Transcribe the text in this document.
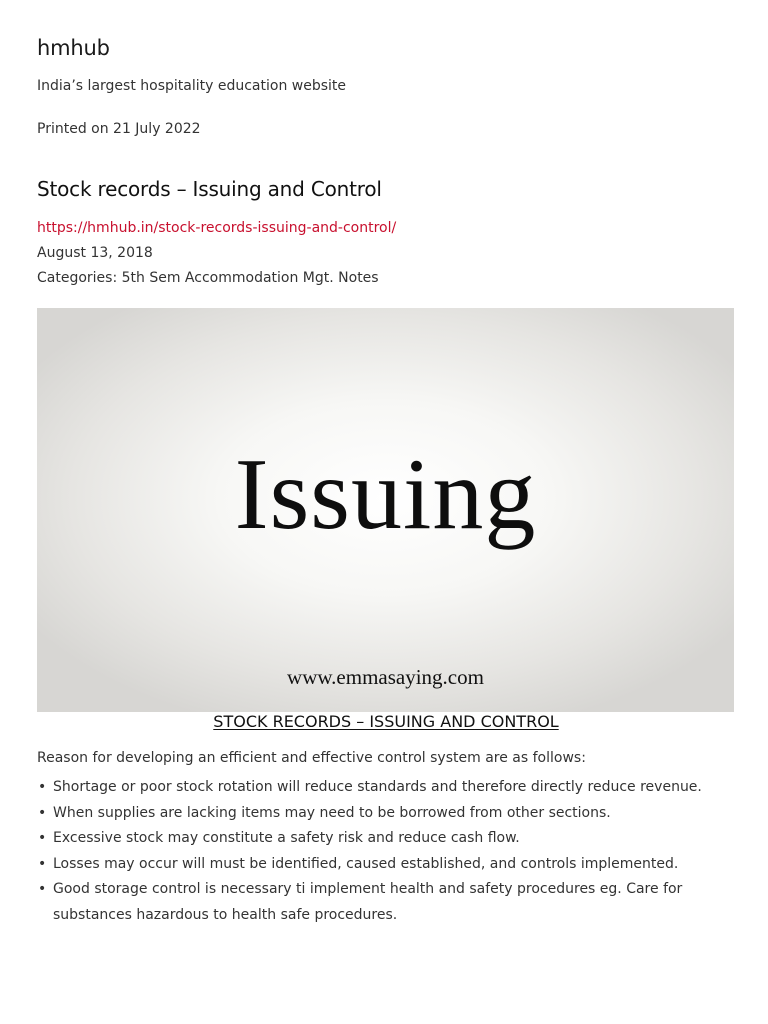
hmhub
India’s largest hospitality education website
Printed on 21 July 2022
Stock records – Issuing and Control
https://hmhub.in/stock-records-issuing-and-control/
August 13, 2018
Categories: 5th Sem Accommodation Mgt. Notes
Issuing
www.emmasaying.com
STOCK RECORDS – ISSUING AND CONTROL
Reason for developing an efficient and effective control system are as follows:
• Shortage or poor stock rotation will reduce standards and therefore directly reduce revenue.
• When supplies are lacking items may need to be borrowed from other sections.
• Excessive stock may constitute a safety risk and reduce cash flow.
• Losses may occur will must be identified, caused established, and controls implemented.
• Good storage control is necessary ti implement health and safety procedures eg. Care for substances hazardous to health safe procedures.
